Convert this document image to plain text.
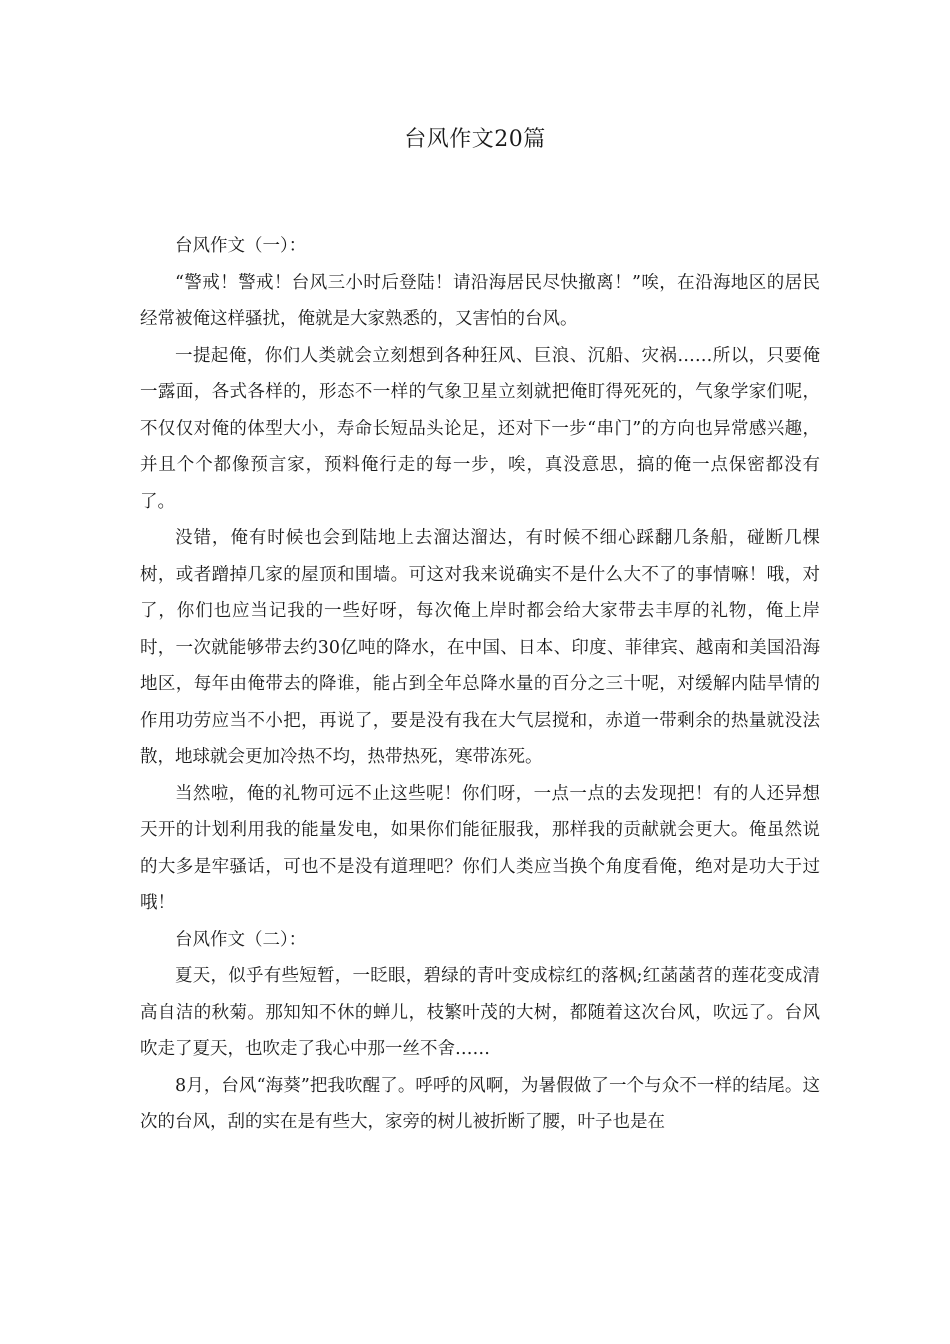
台风作文20篇

台风作文（一）：

“警戒！警戒！台风三小时后登陆！请沿海居民尽快撤离！”唉，在沿海地区的居民经常被俺这样骚扰，俺就是大家熟悉的，又害怕的台风。

一提起俺，你们人类就会立刻想到各种狂风、巨浪、沉船、灾祸……所以，只要俺一露面，各式各样的，形态不一样的气象卫星立刻就把俺盯得死死的，气象学家们呢，不仅仅对俺的体型大小，寿命长短品头论足，还对下一步“串门”的方向也异常感兴趣，并且个个都像预言家，预料俺行走的每一步，唉，真没意思，搞的俺一点保密都没有了。

没错，俺有时候也会到陆地上去溜达溜达，有时候不细心踩翻几条船，碰断几棵树，或者蹭掉几家的屋顶和围墙。可这对我来说确实不是什么大不了的事情嘛！哦，对了，你们也应当记我的一些好呀，每次俺上岸时都会给大家带去丰厚的礼物，俺上岸时，一次就能够带去约30亿吨的降水，在中国、日本、印度、菲律宾、越南和美国沿海地区，每年由俺带去的降谁，能占到全年总降水量的百分之三十呢，对缓解内陆旱情的作用功劳应当不小把，再说了，要是没有我在大气层搅和，赤道一带剩余的热量就没法散，地球就会更加冷热不均，热带热死，寒带冻死。

当然啦，俺的礼物可远不止这些呢！你们呀，一点一点的去发现把！有的人还异想天开的计划利用我的能量发电，如果你们能征服我，那样我的贡献就会更大。俺虽然说的大多是牢骚话，可也不是没有道理吧？你们人类应当换个角度看俺，绝对是功大于过哦！

台风作文（二）：

夏天，似乎有些短暂，一眨眼，碧绿的青叶变成棕红的落枫;红菡菡苕的莲花变成清高自洁的秋菊。那知知不休的蝉儿，枝繁叶茂的大树，都随着这次台风，吹远了。台风吹走了夏天，也吹走了我心中那一丝不舍……

8月，台风“海葵”把我吹醒了。呼呼的风啊，为暑假做了一个与众不一样的结尾。这次的台风，刮的实在是有些大，家旁的树儿被折断了腰，叶子也是在
